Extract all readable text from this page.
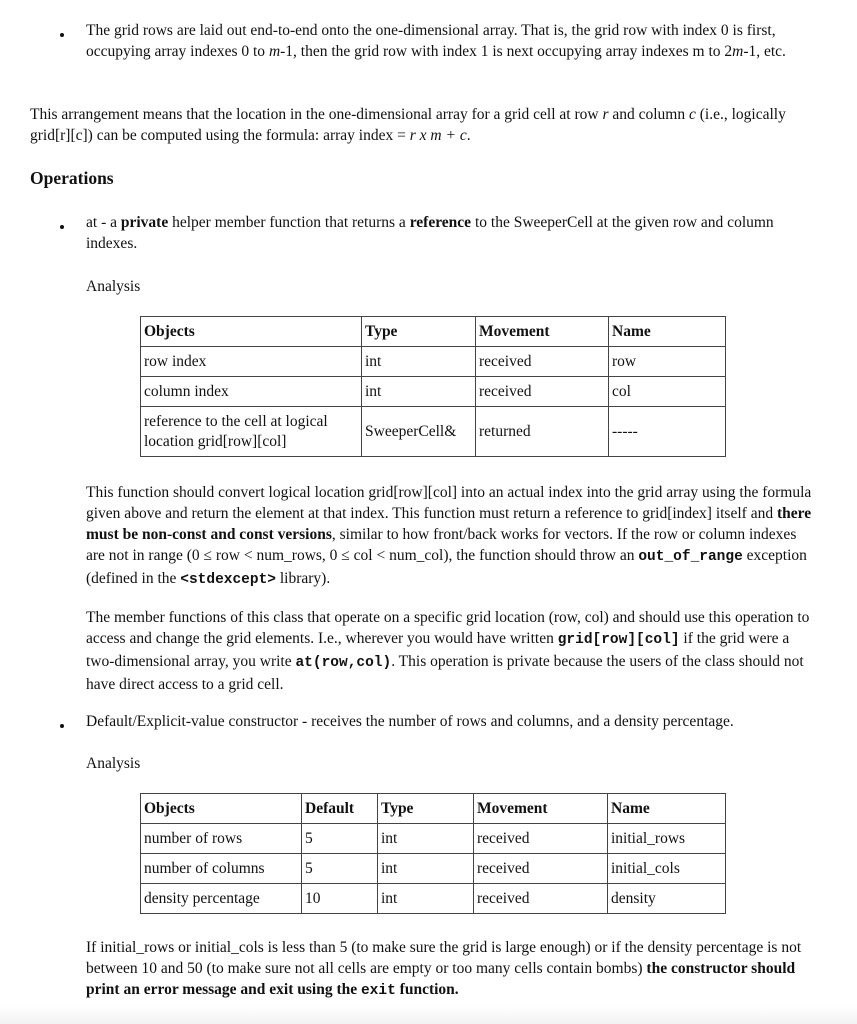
The grid rows are laid out end-to-end onto the one-dimensional array. That is, the grid row with index 0 is first, occupying array indexes 0 to m-1, then the grid row with index 1 is next occupying array indexes m to 2m-1, etc.

This arrangement means that the location in the one-dimensional array for a grid cell at row r and column c (i.e., logically grid[r][c]) can be computed using the formula: array index = r x m + c.

Operations

at - a private helper member function that returns a reference to the SweeperCell at the given row and column indexes.

Analysis

Objects	Type	Movement	Name
row index	int	received	row
column index	int	received	col
reference to the cell at logical location grid[row][col]	SweeperCell&	returned	-----

This function should convert logical location grid[row][col] into an actual index into the grid array using the formula given above and return the element at that index. This function must return a reference to grid[index] itself and there must be non-const and const versions, similar to how front/back works for vectors. If the row or column indexes are not in range (0 ≤ row < num_rows, 0 ≤ col < num_col), the function should throw an out_of_range exception (defined in the <stdexcept> library).

The member functions of this class that operate on a specific grid location (row, col) and should use this operation to access and change the grid elements. I.e., wherever you would have written grid[row][col] if the grid were a two-dimensional array, you write at(row,col). This operation is private because the users of the class should not have direct access to a grid cell.

Default/Explicit-value constructor - receives the number of rows and columns, and a density percentage.

Analysis

Objects	Default	Type	Movement	Name
number of rows	5	int	received	initial_rows
number of columns	5	int	received	initial_cols
density percentage	10	int	received	density

If initial_rows or initial_cols is less than 5 (to make sure the grid is large enough) or if the density percentage is not between 10 and 50 (to make sure not all cells are empty or too many cells contain bombs) the constructor should print an error message and exit using the exit function.
